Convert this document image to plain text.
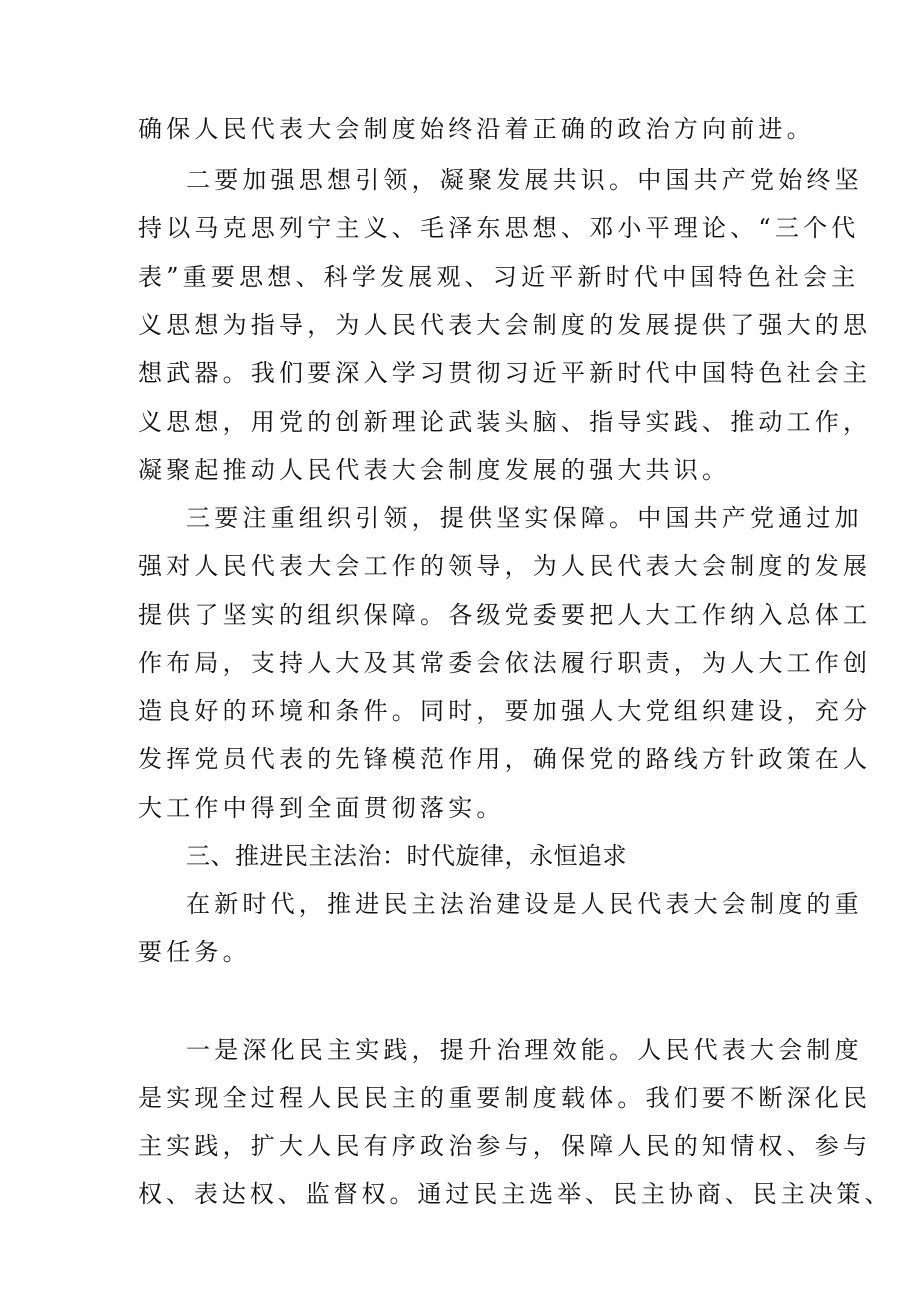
确保人民代表大会制度始终沿着正确的政治方向前进。
二要加强思想引领，凝聚发展共识。中国共产党始终坚
持以马克思列宁主义、毛泽东思想、邓小平理论、“三个代
表”重要思想、科学发展观、习近平新时代中国特色社会主
义思想为指导，为人民代表大会制度的发展提供了强大的思
想武器。我们要深入学习贯彻习近平新时代中国特色社会主
义思想，用党的创新理论武装头脑、指导实践、推动工作，
凝聚起推动人民代表大会制度发展的强大共识。
三要注重组织引领，提供坚实保障。中国共产党通过加
强对人民代表大会工作的领导，为人民代表大会制度的发展
提供了坚实的组织保障。各级党委要把人大工作纳入总体工
作布局，支持人大及其常委会依法履行职责，为人大工作创
造良好的环境和条件。同时，要加强人大党组织建设，充分
发挥党员代表的先锋模范作用，确保党的路线方针政策在人
大工作中得到全面贯彻落实。
三、推进民主法治：时代旋律，永恒追求
在新时代，推进民主法治建设是人民代表大会制度的重
要任务。
一是深化民主实践，提升治理效能。人民代表大会制度
是实现全过程人民民主的重要制度载体。我们要不断深化民
主实践，扩大人民有序政治参与，保障人民的知情权、参与
权、表达权、监督权。通过民主选举、民主协商、民主决策、
